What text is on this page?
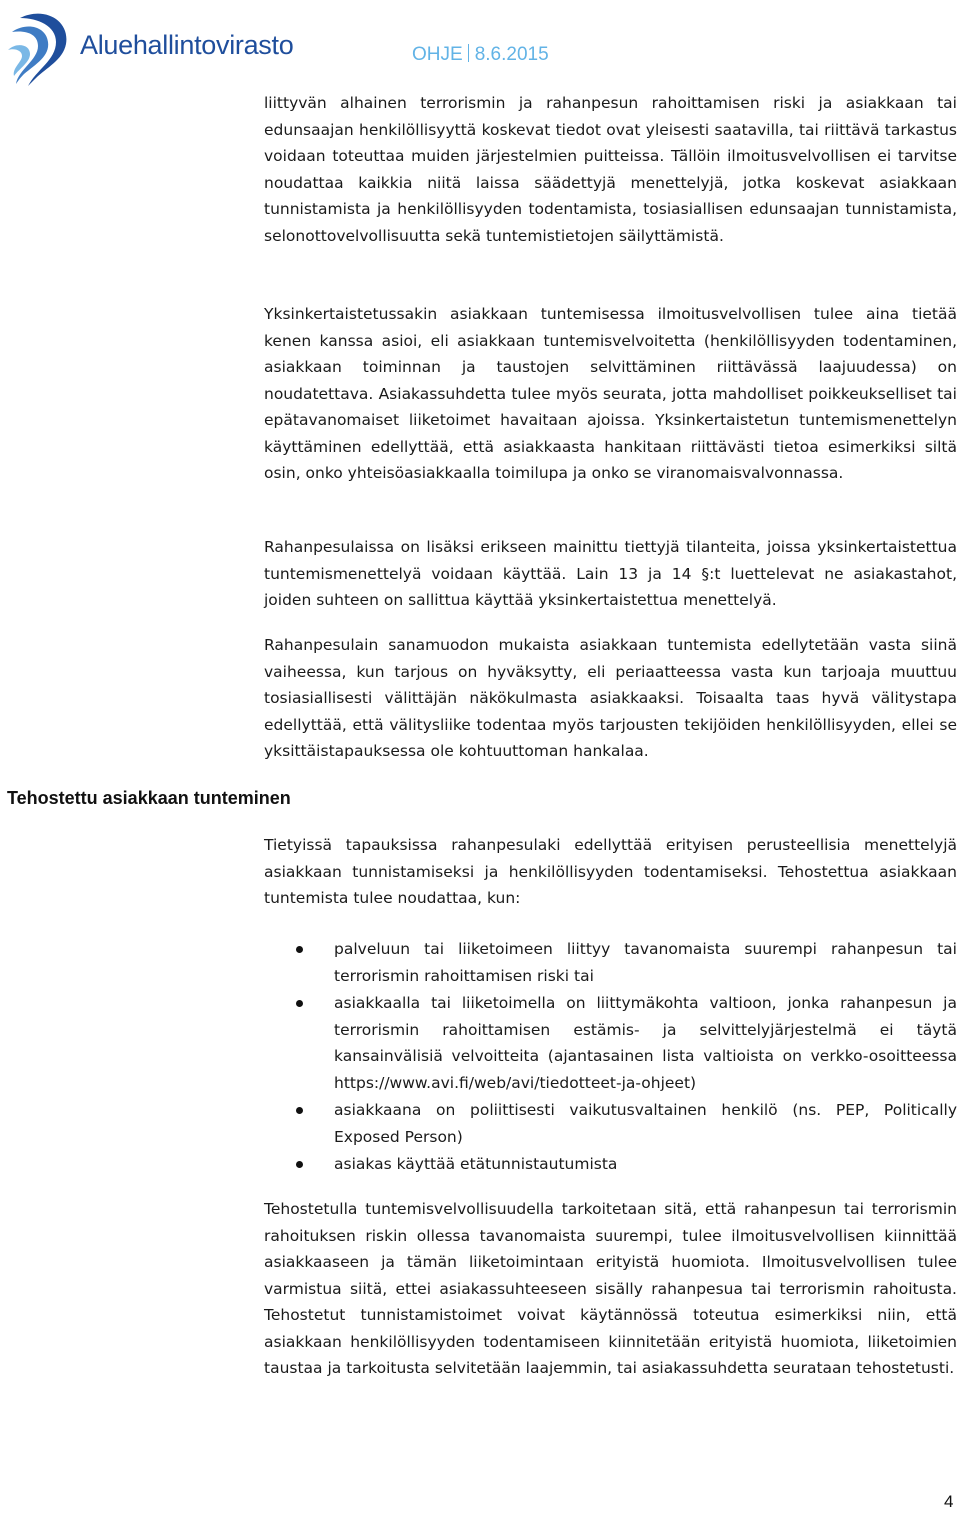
Aluehallintovirasto	OHJE 8.6.2015

liittyvän alhainen terrorismin ja rahanpesun rahoittamisen riski ja asiakkaan tai edunsaajan henkilöllisyyttä koskevat tiedot ovat yleisesti saatavilla, tai riittävä tarkastus voidaan toteuttaa muiden järjestelmien puitteissa. Tällöin ilmoitusvelvollisen ei tarvitse noudattaa kaikkia niitä laissa säädettyjä menettelyjä, jotka koskevat asiakkaan tunnistamista ja henkilöllisyyden todentamista, tosiasiallisen edunsaajan tunnistamista, selonottovelvollisuutta sekä tuntemistietojen säilyttämistä.

Yksinkertaistetussakin asiakkaan tuntemisessa ilmoitusvelvollisen tulee aina tietää kenen kanssa asioi, eli asiakkaan tuntemisvelvoitetta (henkilöllisyyden todentaminen, asiakkaan toiminnan ja taustojen selvittäminen riittävässä laajuudessa) on noudatettava. Asiakassuhdetta tulee myös seurata, jotta mahdolliset poikkeukselliset tai epätavanomaiset liiketoimet havaitaan ajoissa. Yksinkertaistetun tuntemismenettelyn käyttäminen edellyttää, että asiakkaasta hankitaan riittävästi tietoa esimerkiksi siltä osin, onko yhteisöasiakkaalla toimilupa ja onko se viranomaisvalvonnassa.

Rahanpesulaissa on lisäksi erikseen mainittu tiettyjä tilanteita, joissa yksinkertaistettua tuntemismenettelyä voidaan käyttää. Lain 13 ja 14 §:t luettelevat ne asiakastahot, joiden suhteen on sallittua käyttää yksinkertaistettua menettelyä.

Rahanpesulain sanamuodon mukaista asiakkaan tuntemista edellytetään vasta siinä vaiheessa, kun tarjous on hyväksytty, eli periaatteessa vasta kun tarjoaja muuttuu tosiasiallisesti välittäjän näkökulmasta asiakkaaksi. Toisaalta taas hyvä välitystapa edellyttää, että välitysliike todentaa myös tarjousten tekijöiden henkilöllisyyden, ellei se yksittäistapauksessa ole kohtuuttoman hankalaa.

Tehostettu asiakkaan tunteminen

Tietyissä tapauksissa rahanpesulaki edellyttää erityisen perusteellisia menettelyjä asiakkaan tunnistamiseksi ja henkilöllisyyden todentamiseksi. Tehostettua asiakkaan tuntemista tulee noudattaa, kun:

palveluun tai liiketoimeen liittyy tavanomaista suurempi rahanpesun tai terrorismin rahoittamisen riski tai
asiakkaalla tai liiketoimella on liittymäkohta valtioon, jonka rahanpesun ja terrorismin rahoittamisen estämis- ja selvittelyjärjestelmä ei täytä kansainvälisiä velvoitteita (ajantasainen lista valtioista on verkko-osoitteessa https://www.avi.fi/web/avi/tiedotteet-ja-ohjeet)
asiakkaana on poliittisesti vaikutusvaltainen henkilö (ns. PEP, Politically Exposed Person)
asiakas käyttää etätunnistautumista

Tehostetulla tuntemisvelvollisuudella tarkoitetaan sitä, että rahanpesun tai terrorismin rahoituksen riskin ollessa tavanomaista suurempi, tulee ilmoitusvelvollisen kiinnittää asiakkaaseen ja tämän liiketoimintaan erityistä huomiota. Ilmoitusvelvollisen tulee varmistua siitä, ettei asiakassuhteeseen sisälly rahanpesua tai terrorismin rahoitusta. Tehostetut tunnistamistoimet voivat käytännössä toteutua esimerkiksi niin, että asiakkaan henkilöllisyyden todentamiseen kiinnitetään erityistä huomiota, liiketoimien taustaa ja tarkoitusta selvitetään laajemmin, tai asiakassuhdetta seurataan tehostetusti.

4
